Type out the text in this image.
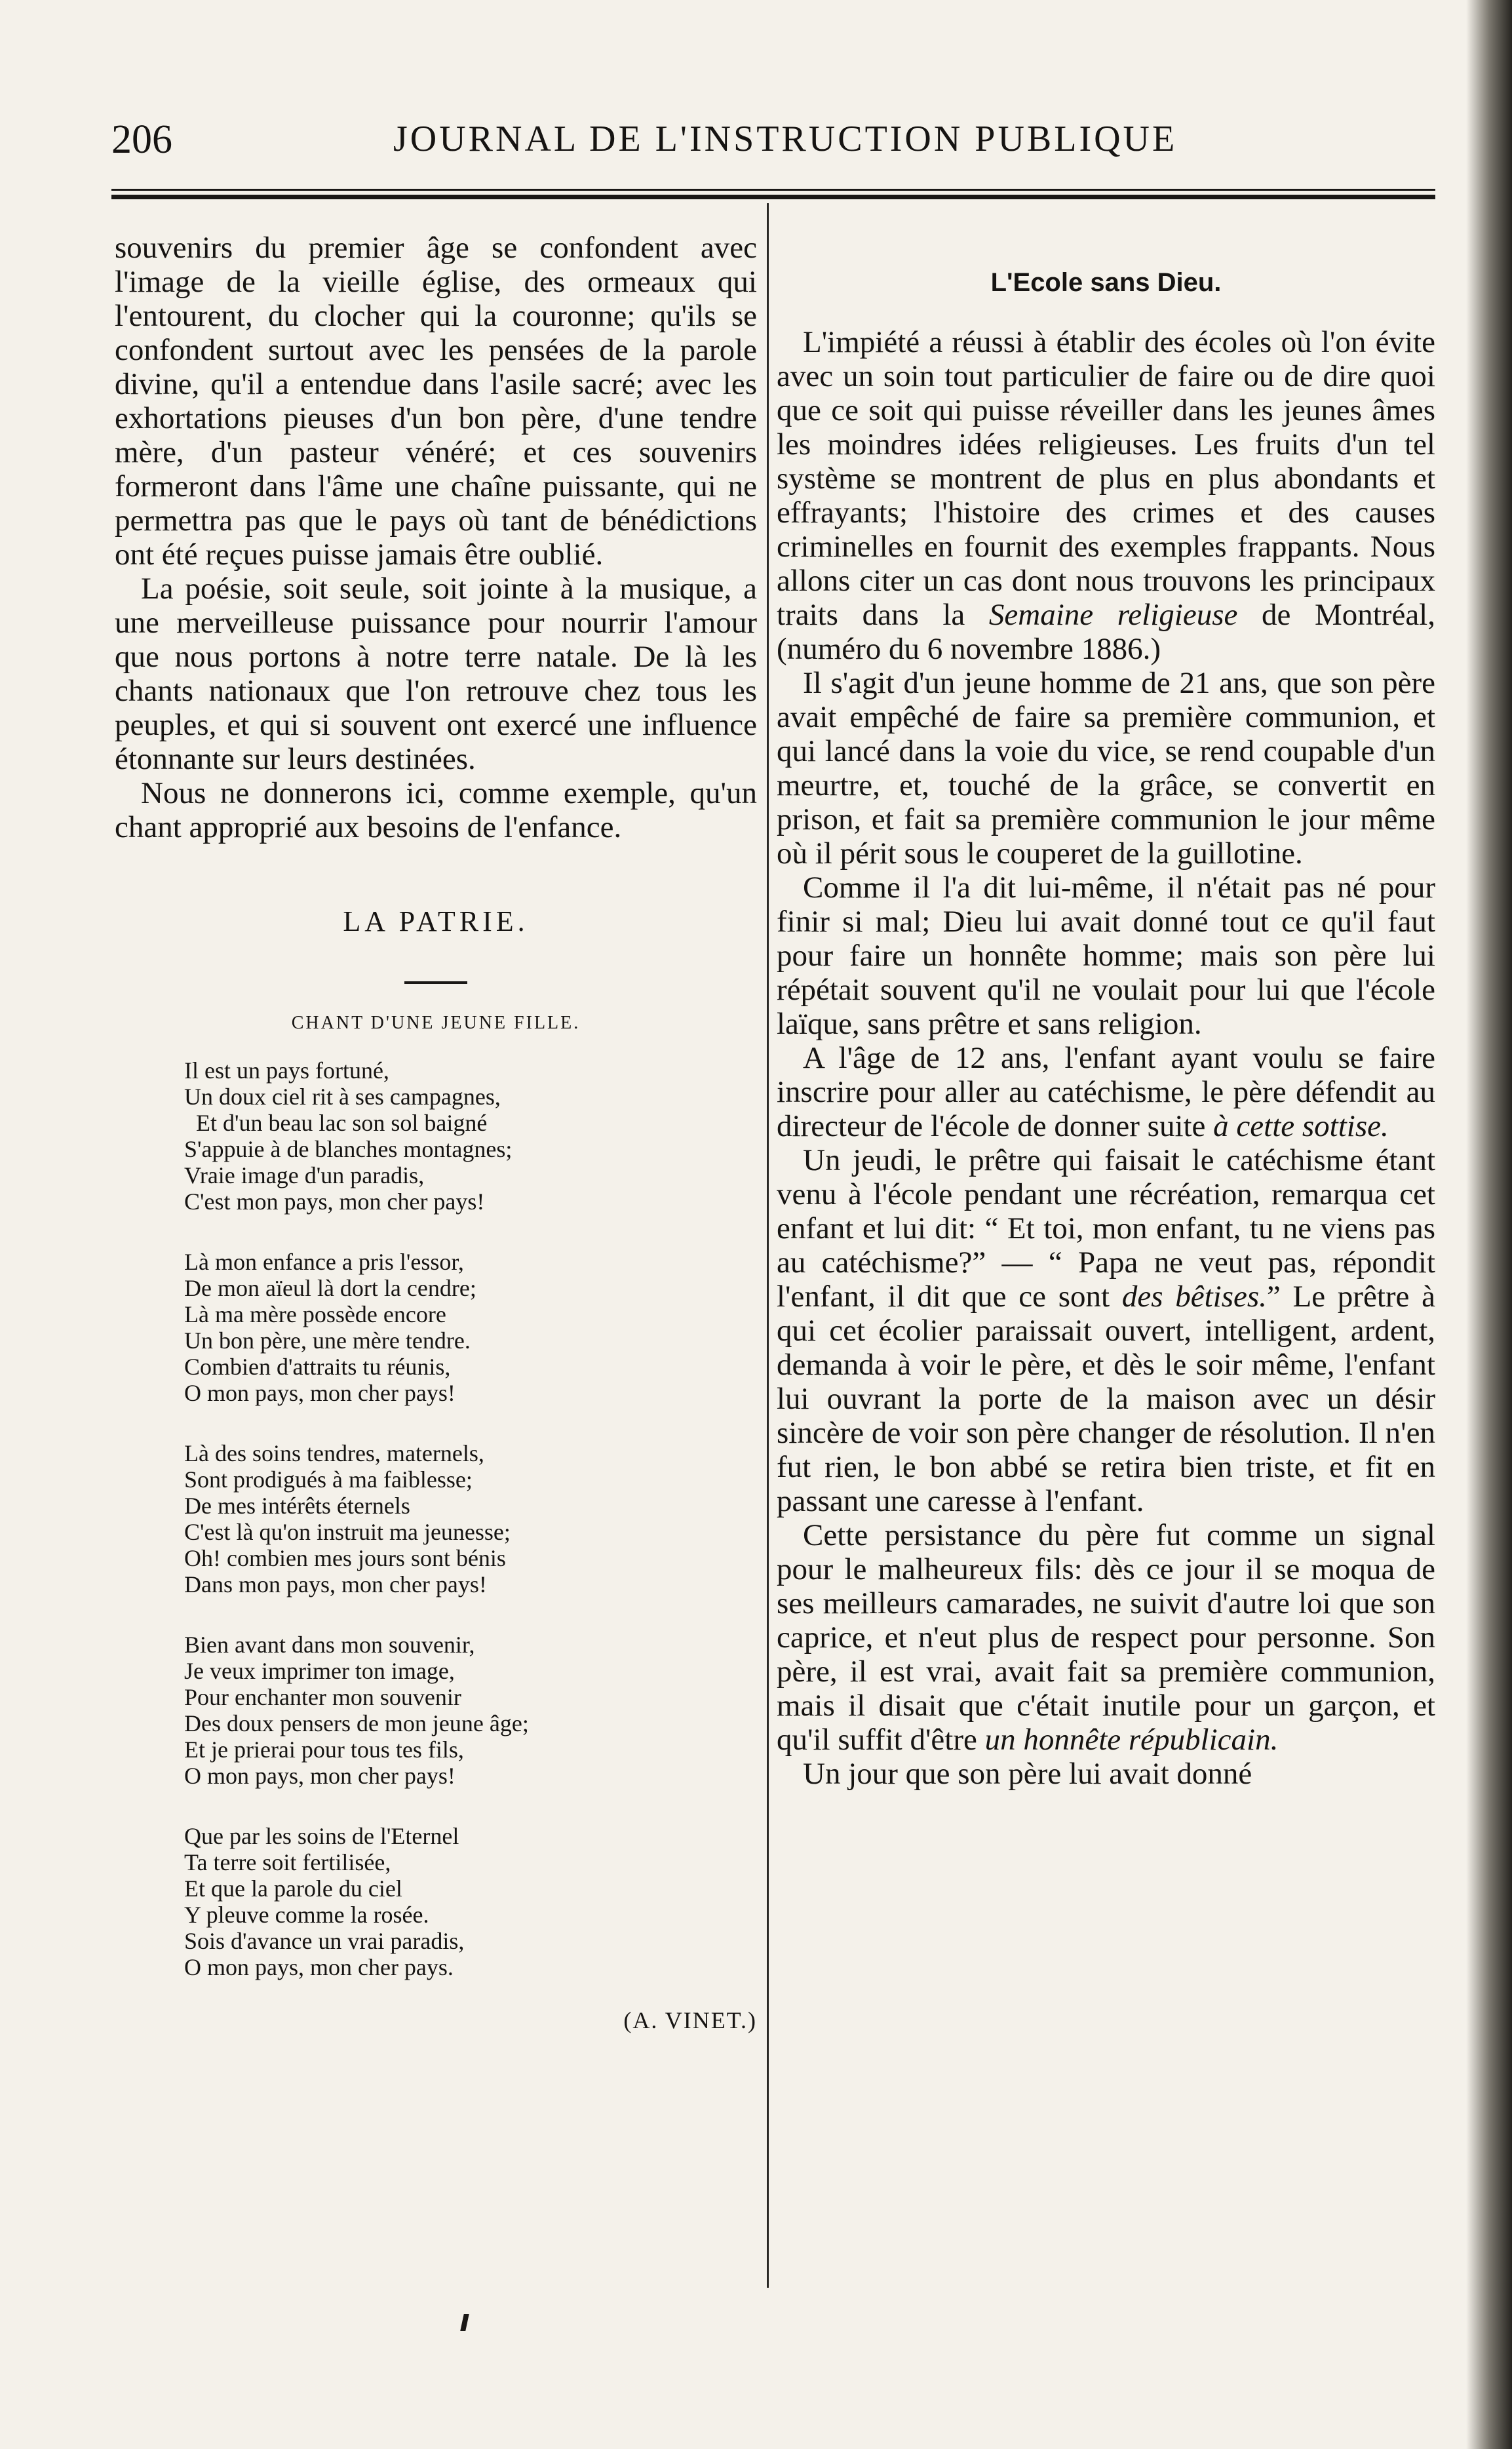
206	JOURNAL DE L'INSTRUCTION PUBLIQUE

souvenirs du premier âge se confondent avec l'image de la vieille église, des ormeaux qui l'entourent, du clocher qui la couronne; qu'ils se confondent surtout avec les pensées de la parole divine, qu'il a entendue dans l'asile sacré; avec les exhortations pieuses d'un bon père, d'une tendre mère, d'un pasteur vénéré; et ces souvenirs formeront dans l'âme une chaîne puissante, qui ne permettra pas que le pays où tant de bénédictions ont été reçues puisse jamais être oublié.

La poésie, soit seule, soit jointe à la musique, a une merveilleuse puissance pour nourrir l'amour que nous portons à notre terre natale. De là les chants nationaux que l'on retrouve chez tous les peuples, et qui si souvent ont exercé une influence étonnante sur leurs destinées.

Nous ne donnerons ici, comme exemple, qu'un chant approprié aux besoins de l'enfance.

LA PATRIE.
CHANT D'UNE JEUNE FILLE.
Il est un pays fortuné,
Un doux ciel rit à ses campagnes,
Et d'un beau lac son sol baigné
S'appuie à de blanches montagnes;
Vraie image d'un paradis,
C'est mon pays, mon cher pays!
Là mon enfance a pris l'essor,
De mon aïeul là dort la cendre;
Là ma mère possède encore
Un bon père, une mère tendre.
Combien d'attraits tu réunis,
O mon pays, mon cher pays!
Là des soins tendres, maternels,
Sont prodigués à ma faiblesse;
De mes intérêts éternels
C'est là qu'on instruit ma jeunesse;
Oh! combien mes jours sont bénis
Dans mon pays, mon cher pays!
Bien avant dans mon souvenir,
Je veux imprimer ton image,
Pour enchanter mon souvenir
Des doux pensers de mon jeune âge;
Et je prierai pour tous tes fils,
O mon pays, mon cher pays!
Que par les soins de l'Eternel
Ta terre soit fertilisée,
Et que la parole du ciel
Y pleuve comme la rosée.
Sois d'avance un vrai paradis,
O mon pays, mon cher pays.
(A. VINET.)
L'Ecole sans Dieu.

L'impiété a réussi à établir des écoles où l'on évite avec un soin tout particulier de faire ou de dire quoi que ce soit qui puisse réveiller dans les jeunes âmes les moindres idées religieuses. Les fruits d'un tel système se montrent de plus en plus abondants et effrayants; l'histoire des crimes et des causes criminelles en fournit des exemples frappants. Nous allons citer un cas dont nous trouvons les principaux traits dans la Semaine religieuse de Montréal, (numéro du 6 novembre 1886.)

Il s'agit d'un jeune homme de 21 ans, que son père avait empêché de faire sa première communion, et qui lancé dans la voie du vice, se rend coupable d'un meurtre, et, touché de la grâce, se convertit en prison, et fait sa première communion le jour même où il périt sous le couperet de la guillotine.

Comme il l'a dit lui-même, il n'était pas né pour finir si mal; Dieu lui avait donné tout ce qu'il faut pour faire un honnête homme; mais son père lui répétait souvent qu'il ne voulait pour lui que l'école laïque, sans prêtre et sans religion.

A l'âge de 12 ans, l'enfant ayant voulu se faire inscrire pour aller au catéchisme, le père défendit au directeur de l'école de donner suite à cette sottise.

Un jeudi, le prêtre qui faisait le catéchisme étant venu à l'école pendant une récréation, remarqua cet enfant et lui dit: “ Et toi, mon enfant, tu ne viens pas au catéchisme?” — “ Papa ne veut pas, répondit l'enfant, il dit que ce sont des bêtises.” Le prêtre à qui cet écolier paraissait ouvert, intelligent, ardent, demanda à voir le père, et dès le soir même, l'enfant lui ouvrant la porte de la maison avec un désir sincère de voir son père changer de résolution. Il n'en fut rien, le bon abbé se retira bien triste, et fit en passant une caresse à l'enfant.

Cette persistance du père fut comme un signal pour le malheureux fils: dès ce jour il se moqua de ses meilleurs camarades, ne suivit d'autre loi que son caprice, et n'eut plus de respect pour personne. Son père, il est vrai, avait fait sa première communion, mais il disait que c'était inutile pour un garçon, et qu'il suffit d'être un honnête républicain.

Un jour que son père lui avait donné
